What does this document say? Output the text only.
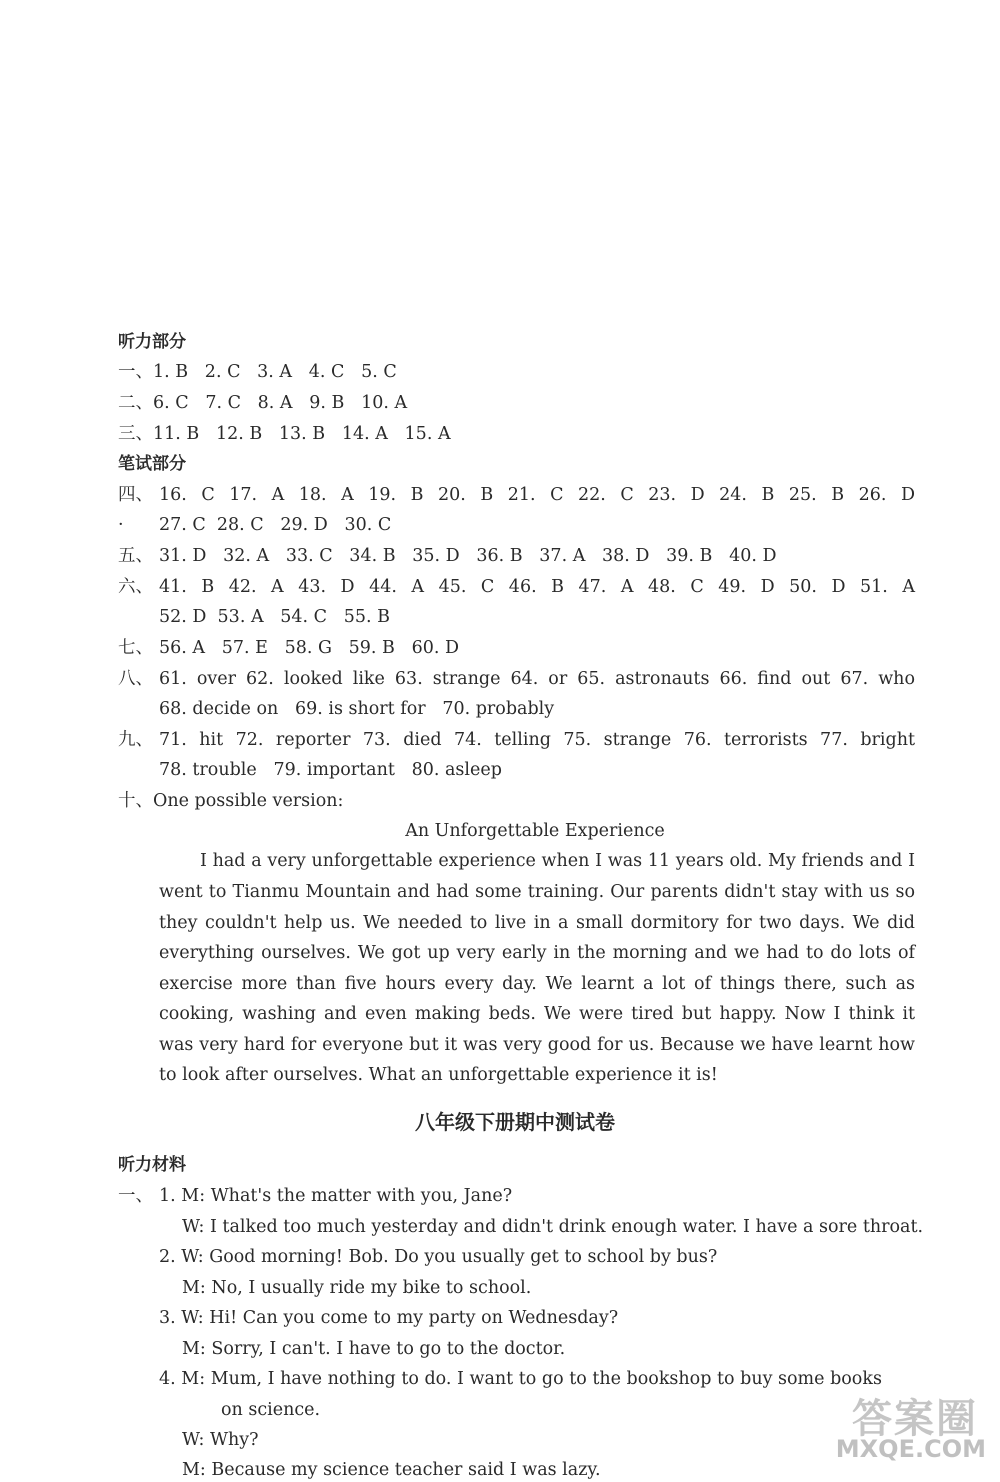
听力部分
一、1. B   2. C   3. A   4. C   5. C
二、6. C   7. C   8. A   9. B   10. A
三、11. B   12. B   13. B   14. A   15. A
笔试部分
四、 16. C 17. A 18. A 19. B 20. B 21. C 22. C 23. D 24. B 25. B 26. D
· 27. C  28. C   29. D   30. C
五、 31. D   32. A   33. C   34. B   35. D   36. B   37. A   38. D   39. B   40. D
六、 41. B 42. A 43. D 44. A 45. C 46. B 47. A 48. C 49. D 50. D 51. A
52. D  53. A   54. C   55. B
七、 56. A   57. E   58. G   59. B   60. D
八、 61. over 62. looked like 63. strange 64. or 65. astronauts 66. find out 67. who
68. decide on   69. is short for   70. probably
九、 71. hit 72. reporter 73. died 74. telling 75. strange 76. terrorists 77. bright
78. trouble   79. important   80. asleep
十、One possible version:
An Unforgettable Experience
I had a very unforgettable experience when I was 11 years old. My friends and I
went to Tianmu Mountain and had some training. Our parents didn't stay with us so
they couldn't help us. We needed to live in a small dormitory for two days. We did
everything ourselves. We got up very early in the morning and we had to do lots of
exercise more than five hours every day. We learnt a lot of things there, such as
cooking, washing and even making beds. We were tired but happy. Now I think it
was very hard for everyone but it was very good for us. Because we have learnt how
to look after ourselves. What an unforgettable experience it is!
八年级下册期中测试卷
听力材料
一、 1. M: What's the matter with you, Jane?
W: I talked too much yesterday and didn't drink enough water. I have a sore throat.
2. W: Good morning! Bob. Do you usually get to school by bus?
M: No, I usually ride my bike to school.
3. W: Hi! Can you come to my party on Wednesday?
M: Sorry, I can't. I have to go to the doctor.
4. M: Mum, I have nothing to do. I want to go to the bookshop to buy some books
on science.
W: Why?
M: Because my science teacher said I was lazy.
答案圈
MXQE.COM
